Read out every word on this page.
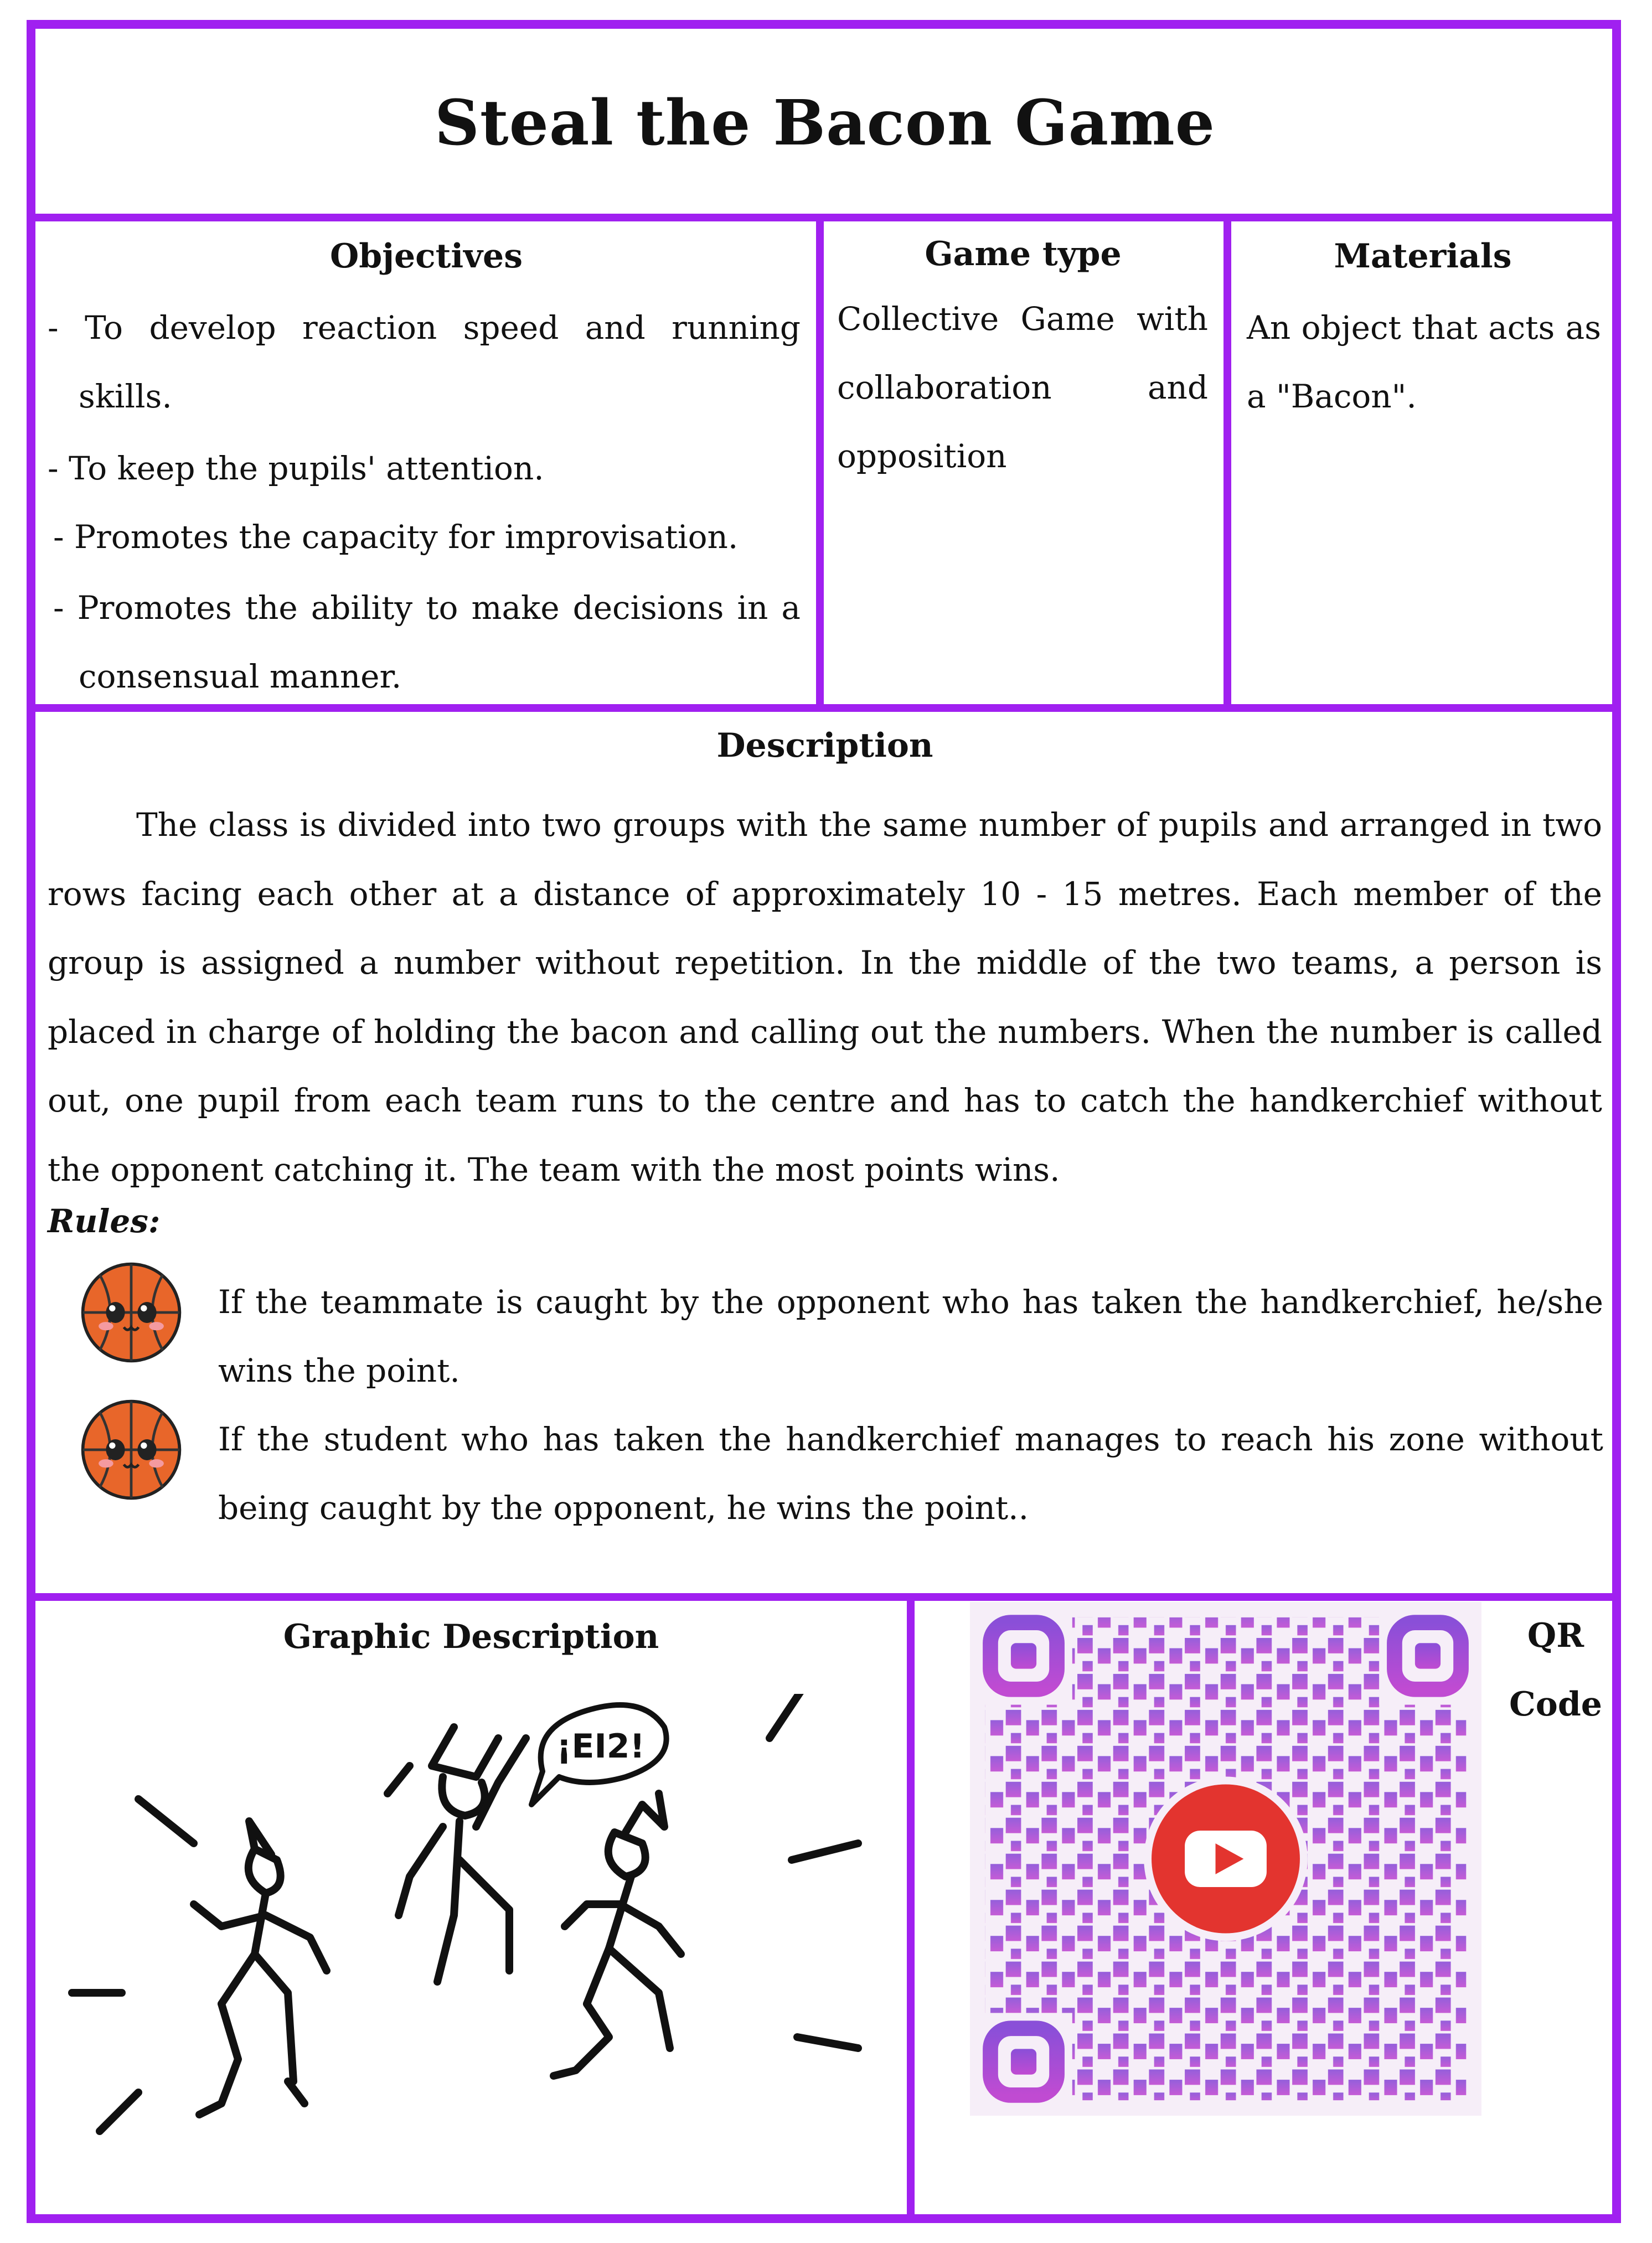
Steal the Bacon Game
Objectives
- To develop reaction speed and running skills.
- To keep the pupils' attention.
- Promotes the capacity for improvisation.
- Promotes the ability to make decisions in a consensual manner.
Game type
Collective Game with collaboration and opposition
Materials
An object that acts as a "Bacon".
Description
The class is divided into two groups with the same number of pupils and arranged in two rows facing each other at a distance of approximately 10 - 15 metres. Each member of the group is assigned a number without repetition. In the middle of the two teams, a person is placed in charge of holding the bacon and calling out the numbers. When the number is called out, one pupil from each team runs to the centre and has to catch the handkerchief without the opponent catching it. The team with the most points wins.
Rules:
If the teammate is caught by the opponent who has taken the handkerchief, he/she wins the point.
If the student who has taken the handkerchief manages to reach his zone without being caught by the opponent, he wins the point..
Graphic Description
¡EI2!
QR
Code
